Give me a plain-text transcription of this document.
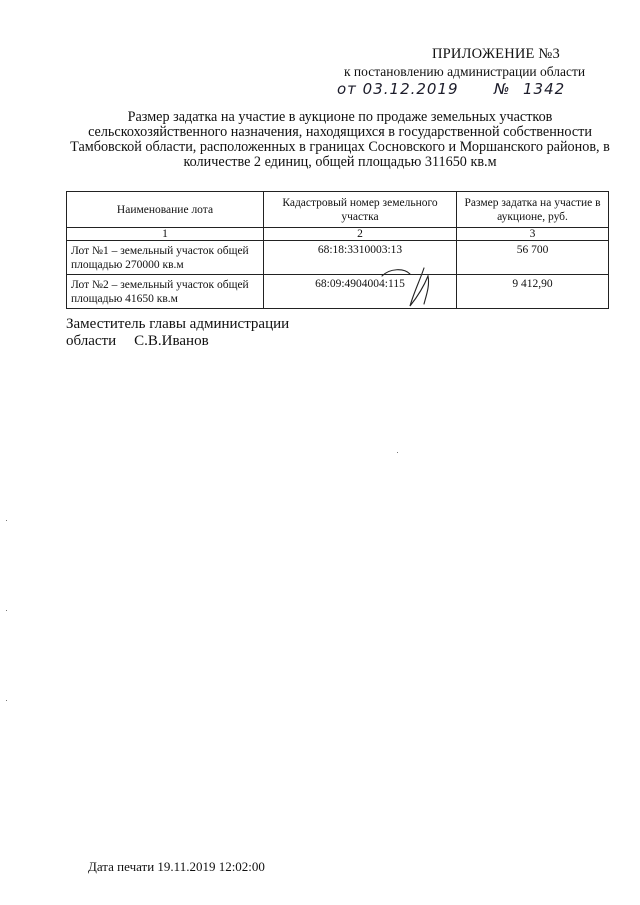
ПРИЛОЖЕНИЕ №3
к постановлению администрации области
от 03.12.2019 № 1342
Размер задатка на участие в аукционе по продаже земельных участков сельскохозяйственного назначения, находящихся в государственной собственности Тамбовской области, расположенных в границах Сосновского и Моршанского районов, в количестве 2 единиц, общей площадью 311650 кв.м
Наименование лота	Кадастровый номер земельного участка	Размер задатка на участие в аукционе, руб.
1	2	3
Лот №1 – земельный участок общей площадью 270000 кв.м	68:18:3310003:13	56 700
Лот №2 – земельный участок общей площадью 41650 кв.м	68:09:4904004:115	9 412,90
Заместитель главы администрации
области С.В.Иванов
Дата печати 19.11.2019 12:02:00
